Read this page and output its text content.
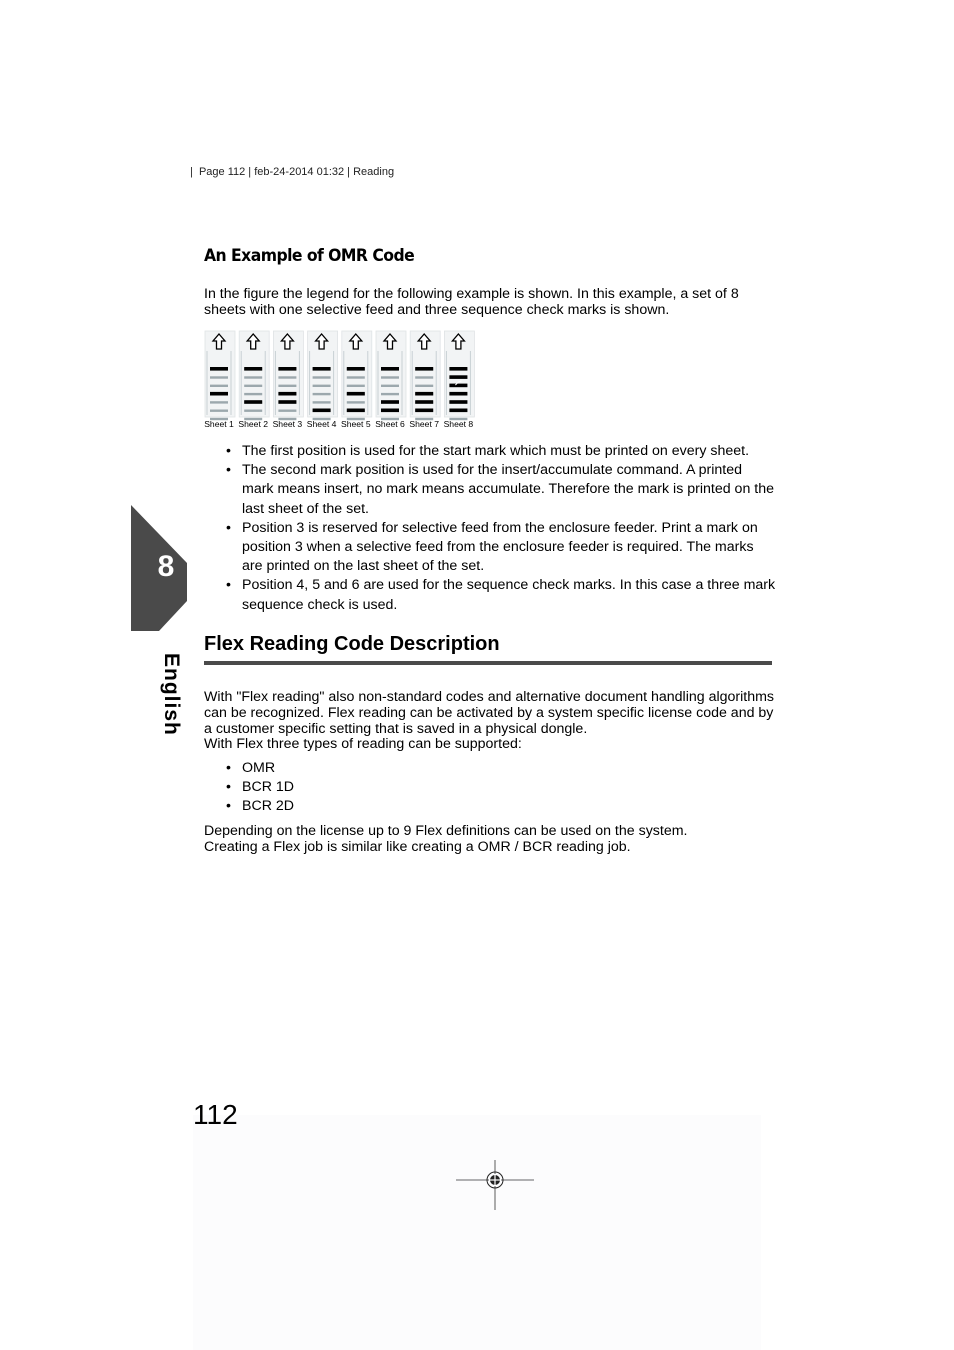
|  Page 112 | feb-24-2014 01:32 | Reading
An Example of OMR Code

In the figure the legend for the following example is shown. In this example, a set of 8 sheets with one selective feed and three sequence check marks is shown.

Sheet 1 Sheet 2 Sheet 3 Sheet 4 Sheet 5 Sheet 6 Sheet 7 Sheet 8
• The first position is used for the start mark which must be printed on every sheet.
• The second mark position is used for the insert/accumulate command. A printed mark means insert, no mark means accumulate. Therefore the mark is printed on the last sheet of the set.
• Position 3 is reserved for selective feed from the enclosure feeder. Print a mark on position 3 when a selective feed from the enclosure feeder is required. The marks are printed on the last sheet of the set.
• Position 4, 5 and 6 are used for the sequence check marks. In this case a three mark sequence check is used.
Flex Reading Code Description

With "Flex reading" also non-standard codes and alternative document handling algorithms can be recognized. Flex reading can be activated by a system specific license code and by a customer specific setting that is saved in a physical dongle.
With Flex three types of reading can be supported:

• OMR
• BCR 1D
• BCR 2D

Depending on the license up to 9 Flex definitions can be used on the system.
Creating a Flex job is similar like creating a OMR / BCR reading job.

8
English
112
